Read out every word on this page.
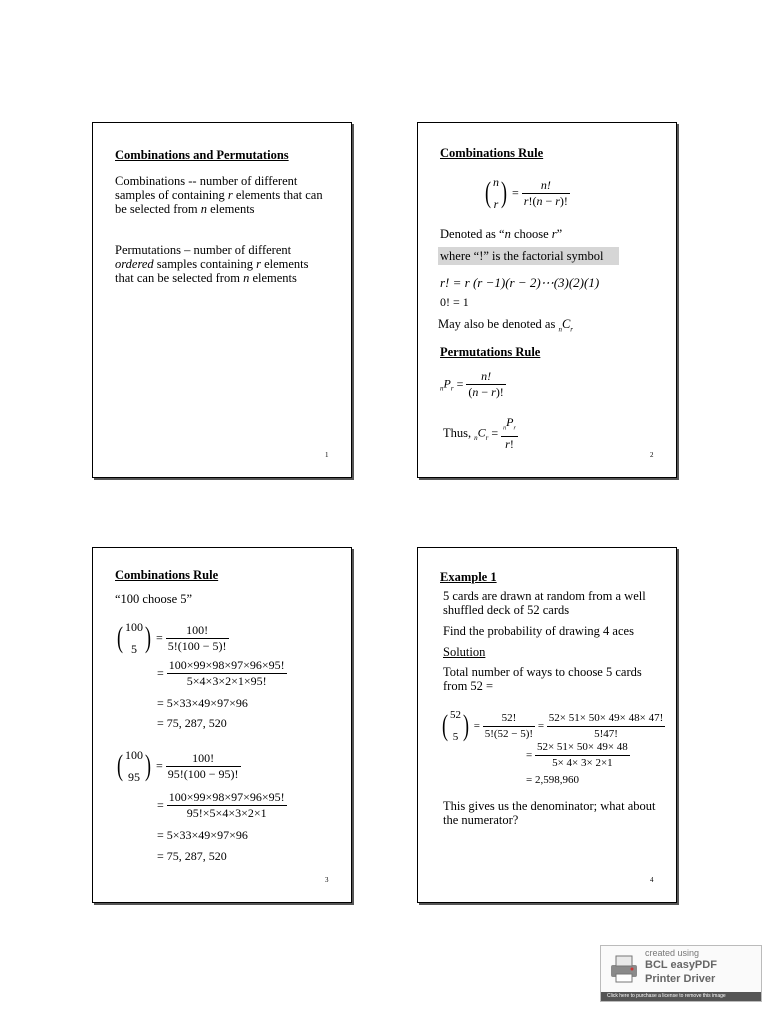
Combinations and Permutations
Combinations -- number of different
samples of containing r elements that can
be selected from n elements
Permutations – number of different
ordered samples containing r elements
that can be selected from n elements
1
Combinations Rule
( n
r ) = $\frac{n!}{r!(n - r)!}$
Denoted as “n choose r”
where “!” is the factorial symbol
r! = r (r −1)(r − 2)⋯(3)(2)(1)
0! = 1
May also be denoted as $_nC_r$
Permutations Rule
$_nP_r = \frac{n!}{(n - r)!}$
Thus, $_nC_r = \frac{_nP_r}{r!}$
2
Combinations Rule
“100 choose 5”
( 100
5 ) = $\frac{100!}{5!(100 - 5)!}$
= $\frac{100\times 99\times 98\times 97\times 96\times 95!}{5\times 4\times 3\times 2\times 1\times 95!}$
= 5×33×49×97×96
= 75, 287, 520
( 100
95 ) = $\frac{100!}{95!(100 - 95)!}$
= $\frac{100\times 99\times 98\times 97\times 96\times 95!}{95!\times 5\times 4\times 3\times 2\times 1}$
= 5×33×49×97×96
= 75, 287, 520
3
Example 1
5 cards are drawn at random from a well
shuffled deck of 52 cards
Find the probability of drawing 4 aces
Solution
Total number of ways to choose 5 cards
from 52 =
( 52
5 ) = $\frac{52!}{5!(52 - 5)!} = \frac{52\times 51\times 50\times 49\times 48\times 47!}{5!47!}$
= $\frac{52\times 51\times 50\times 49\times 48}{5\times 4\times 3\times 2\times 1}$
= 2,598,960
This gives us the denominator; what about
the numerator?
4
created using
BCL easyPDF
Printer Driver
Click here to purchase a license to remove this image
